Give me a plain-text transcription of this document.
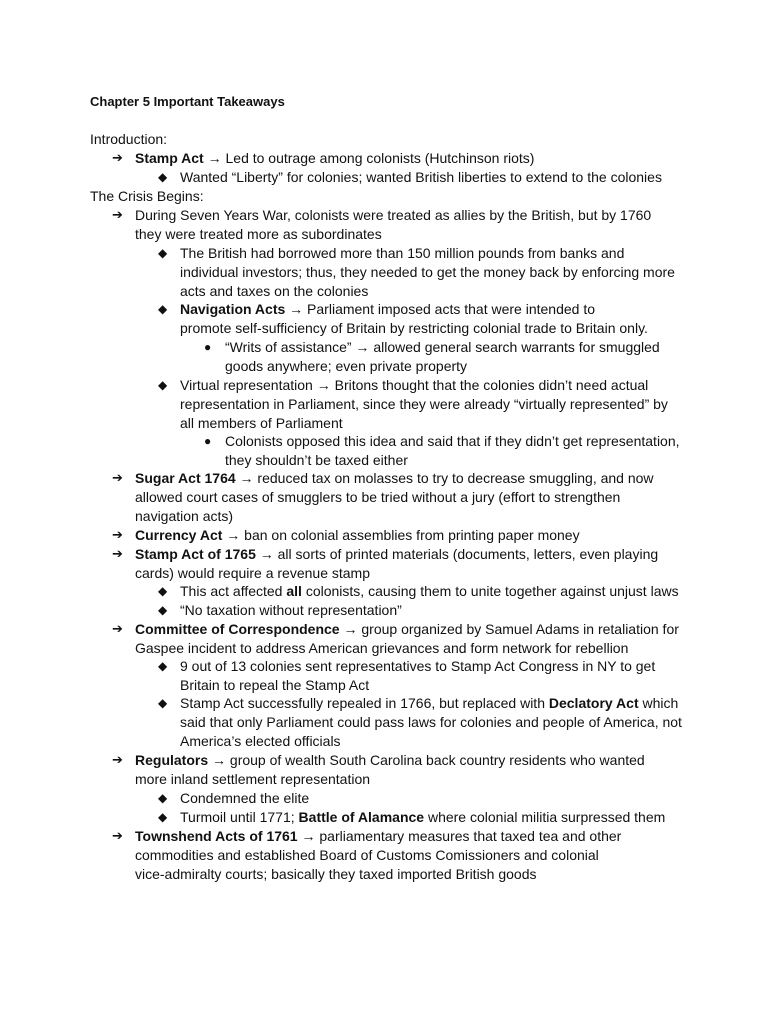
Chapter 5 Important Takeaways
Introduction:
➔ Stamp Act → Led to outrage among colonists (Hutchinson riots)
◆ Wanted “Liberty” for colonies; wanted British liberties to extend to the colonies
The Crisis Begins:
➔ During Seven Years War, colonists were treated as allies by the British, but by 1760 they were treated more as subordinates
◆ The British had borrowed more than 150 million pounds from banks and individual investors; thus, they needed to get the money back by enforcing more acts and taxes on the colonies
◆ Navigation Acts → Parliament imposed acts that were intended to promote self-sufficiency of Britain by restricting colonial trade to Britain only.
● “Writs of assistance” → allowed general search warrants for smuggled goods anywhere; even private property
◆ Virtual representation → Britons thought that the colonies didn’t need actual representation in Parliament, since they were already “virtually represented” by all members of Parliament
● Colonists opposed this idea and said that if they didn’t get representation, they shouldn’t be taxed either
➔ Sugar Act 1764 → reduced tax on molasses to try to decrease smuggling, and now allowed court cases of smugglers to be tried without a jury (effort to strengthen navigation acts)
➔ Currency Act → ban on colonial assemblies from printing paper money
➔ Stamp Act of 1765 → all sorts of printed materials (documents, letters, even playing cards) would require a revenue stamp
◆ This act affected all colonists, causing them to unite together against unjust laws
◆ “No taxation without representation”
➔ Committee of Correspondence → group organized by Samuel Adams in retaliation for Gaspee incident to address American grievances and form network for rebellion
◆ 9 out of 13 colonies sent representatives to Stamp Act Congress in NY to get Britain to repeal the Stamp Act
◆ Stamp Act successfully repealed in 1766, but replaced with Declatory Act which said that only Parliament could pass laws for colonies and people of America, not America’s elected officials
➔ Regulators → group of wealth South Carolina back country residents who wanted more inland settlement representation
◆ Condemned the elite
◆ Turmoil until 1771; Battle of Alamance where colonial militia surpressed them
➔ Townshend Acts of 1761 → parliamentary measures that taxed tea and other commodities and established Board of Customs Comissioners and colonial vice-admiralty courts; basically they taxed imported British goods
